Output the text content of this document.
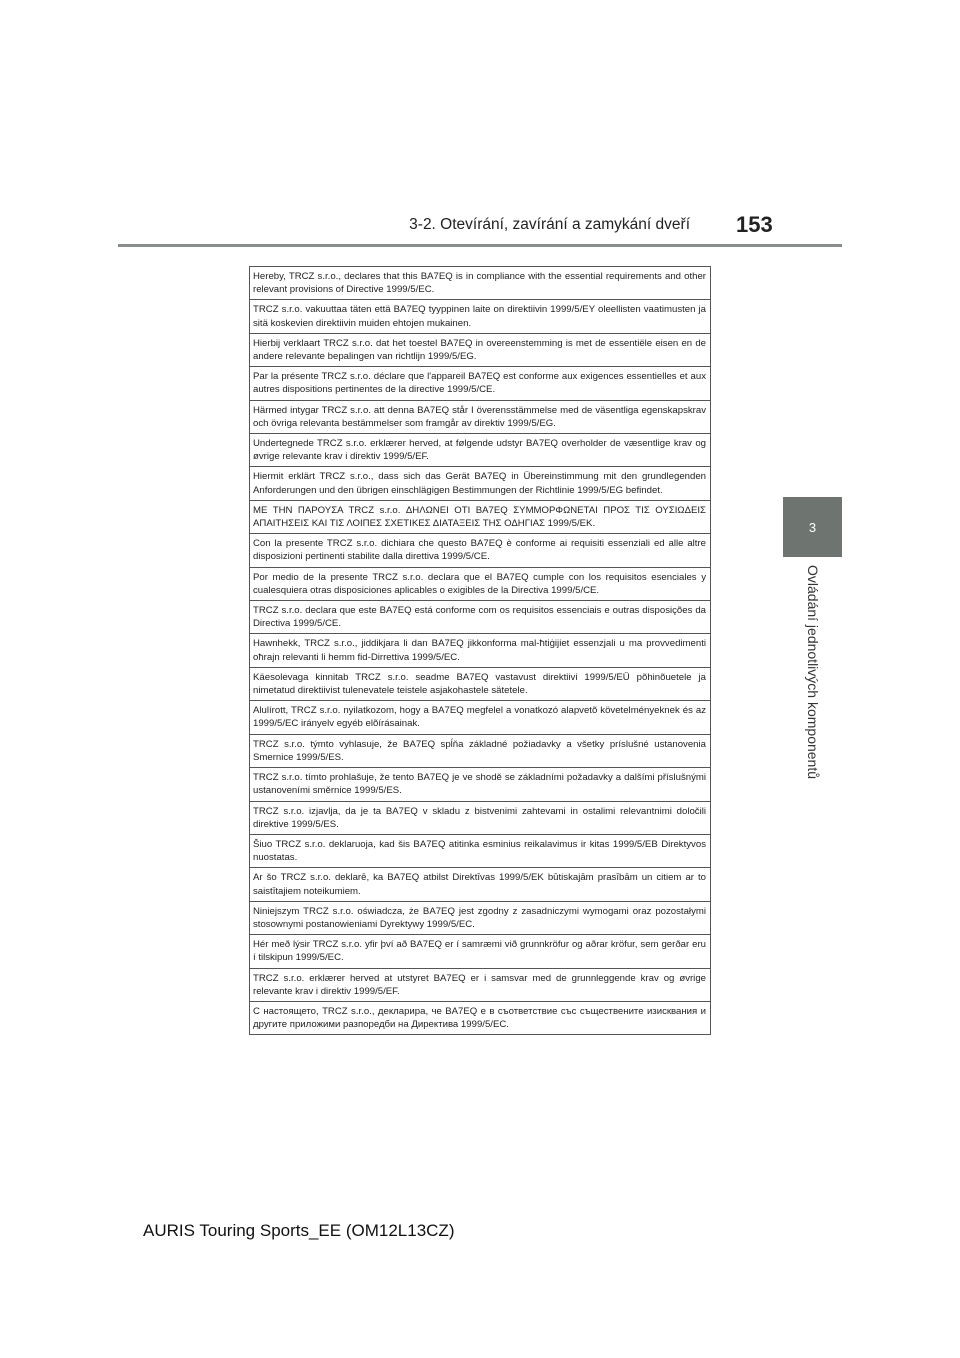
3-2. Otevírání, zavírání a zamykání dveří 153
3
Ovládání jednotlivých komponentů
Hereby, TRCZ s.r.o., declares that this BA7EQ is in compliance with the essential requirements and other relevant provisions of Directive 1999/5/EC.
TRCZ s.r.o. vakuuttaa täten että BA7EQ tyyppinen laite on direktiivin 1999/5/EY oleellisten vaatimusten ja sitä koskevien direktiivin muiden ehtojen mukainen.
Hierbij verklaart TRCZ s.r.o. dat het toestel BA7EQ in overeenstemming is met de essentiële eisen en de andere relevante bepalingen van richtlijn 1999/5/EG.
Par la présente TRCZ s.r.o. déclare que l'appareil BA7EQ est conforme aux exigences essentielles et aux autres dispositions pertinentes de la directive 1999/5/CE.
Härmed intygar TRCZ s.r.o. att denna BA7EQ står I överensstämmelse med de väsentliga egenskapskrav och övriga relevanta bestämmelser som framgår av direktiv 1999/5/EG.
Undertegnede TRCZ s.r.o. erklærer herved, at følgende udstyr BA7EQ overholder de væsentlige krav og øvrige relevante krav i direktiv 1999/5/EF.
Hiermit erklärt TRCZ s.r.o., dass sich das Gerät BA7EQ in Übereinstimmung mit den grundlegenden Anforderungen und den übrigen einschlägigen Bestimmungen der Richtlinie 1999/5/EG befindet.
ΜΕ ΤΗΝ ΠΑΡΟΥΣΑ TRCZ s.r.o. ΔΗΛΩΝΕΙ ΟΤΙ BA7EQ ΣΥΜΜΟΡΦΩΝΕΤΑΙ ΠΡΟΣ ΤΙΣ ΟΥΣΙΩΔΕΙΣ ΑΠΑΙΤΗΣΕΙΣ ΚΑΙ ΤΙΣ ΛΟΙΠΕΣ ΣΧΕΤΙΚΕΣ ΔΙΑΤΑΞΕΙΣ ΤΗΣ ΟΔΗΓΙΑΣ 1999/5/ΕΚ.
Con la presente TRCZ s.r.o. dichiara che questo BA7EQ è conforme ai requisiti essenziali ed alle altre disposizioni pertinenti stabilite dalla direttiva 1999/5/CE.
Por medio de la presente TRCZ s.r.o. declara que el BA7EQ cumple con los requisitos esenciales y cualesquiera otras disposiciones aplicables o exigibles de la Directiva 1999/5/CE.
TRCZ s.r.o. declara que este BA7EQ está conforme com os requisitos essenciais e outras disposições da Directiva 1999/5/CE.
Hawnhekk, TRCZ s.r.o., jiddikjara li dan BA7EQ jikkonforma mal-ħtiġijiet essenzjali u ma provvedimenti oħrajn relevanti li hemm fid-Dirrettiva 1999/5/EC.
Käesolevaga kinnitab TRCZ s.r.o. seadme BA7EQ vastavust direktiivi 1999/5/EÜ põhinõuetele ja nimetatud direktiivist tulenevatele teistele asjakohastele sätetele.
Alulírott, TRCZ s.r.o. nyilatkozom, hogy a BA7EQ megfelel a vonatkozó alapvetõ követelményeknek és az 1999/5/EC irányelv egyéb elõírásainak.
TRCZ s.r.o. týmto vyhlasuje, že BA7EQ spĺňa základné požiadavky a všetky príslušné ustanovenia Smernice 1999/5/ES.
TRCZ s.r.o. tímto prohlašuje, že tento BA7EQ je ve shodě se základními požadavky a dalšími příslušnými ustanoveními směrnice 1999/5/ES.
TRCZ s.r.o. izjavlja, da je ta BA7EQ v skladu z bistvenimi zahtevami in ostalimi relevantnimi določili direktive 1999/5/ES.
Šiuo TRCZ s.r.o. deklaruoja, kad šis BA7EQ atitinka esminius reikalavimus ir kitas 1999/5/EB Direktyvos nuostatas.
Ar šo TRCZ s.r.o. deklarē, ka BA7EQ atbilst Direktīvas 1999/5/EK būtiskajām prasībām un citiem ar to saistītajiem noteikumiem.
Niniejszym TRCZ s.r.o. oświadcza, że BA7EQ jest zgodny z zasadniczymi wymogami oraz pozostałymi stosownymi postanowieniami Dyrektywy 1999/5/EC.
Hér með lýsir TRCZ s.r.o. yfir því að BA7EQ er í samræmi við grunnkröfur og aðrar kröfur, sem gerðar eru í tilskipun 1999/5/EC.
TRCZ s.r.o. erklærer herved at utstyret BA7EQ er i samsvar med de grunnleggende krav og øvrige relevante krav i direktiv 1999/5/EF.
С настоящето, TRCZ s.r.o., декларира, че BA7EQ е в съответствие със съществените изисквания и другите приложими разпоредби на Директива 1999/5/ЕС.
AURIS Touring Sports_EE (OM12L13CZ)
